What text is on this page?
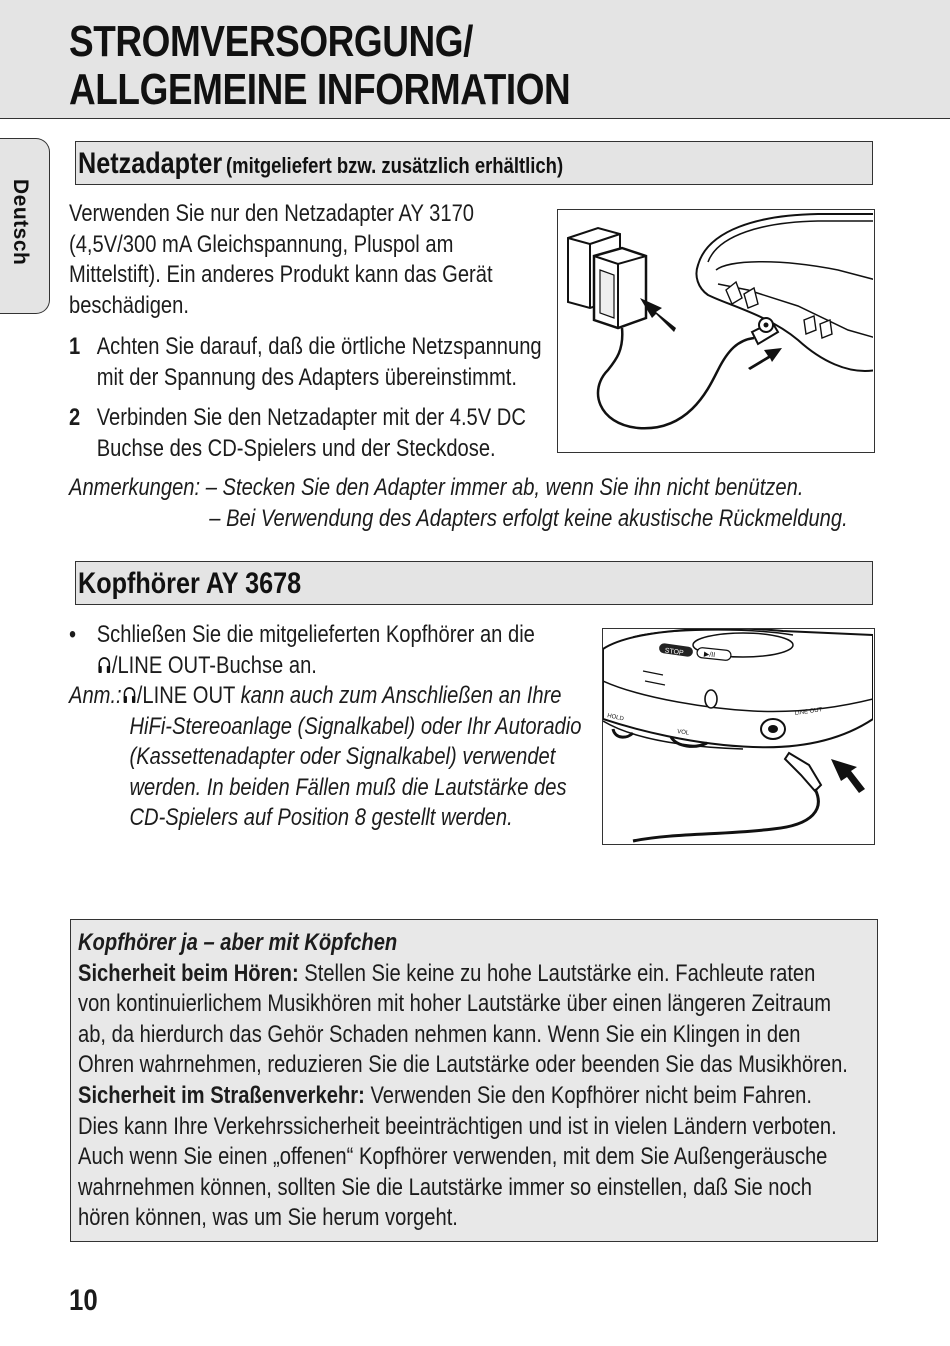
STROMVERSORGUNG/
ALLGEMEINE INFORMATION
Deutsch
Netzadapter (mitgeliefert bzw. zusätzlich erhältlich)
Verwenden Sie nur den Netzadapter AY 3170
(4,5V/300 mA Gleichspannung, Pluspol am
Mittelstift). Ein anderes Produkt kann das Gerät
beschädigen.
1 Achten Sie darauf, daß die örtliche Netzspannung
mit der Spannung des Adapters übereinstimmt.
2 Verbinden Sie den Netzadapter mit der 4.5V DC
Buchse des CD-Spielers und der Steckdose.
Anmerkungen: – Stecken Sie den Adapter immer ab, wenn Sie ihn nicht benützen.
– Bei Verwendung des Adapters erfolgt keine akustische Rückmeldung.
Kopfhörer AY 3678
• Schließen Sie die mitgelieferten Kopfhörer an die
/LINE OUT-Buchse an.
Anm.: /LINE OUT kann auch zum Anschließen an Ihre
HiFi-Stereoanlage (Signalkabel) oder Ihr Autoradio
(Kassettenadapter oder Signalkabel) verwendet
werden. In beiden Fällen muß die Lautstärke des
CD-Spielers auf Position 8 gestellt werden.
STOP	▶/II
HOLD
VOL
LINE OUT
Kopfhörer ja – aber mit Köpfchen
Sicherheit beim Hören: Stellen Sie keine zu hohe Lautstärke ein. Fachleute raten
von kontinuierlichem Musikhören mit hoher Lautstärke über einen längeren Zeitraum
ab, da hierdurch das Gehör Schaden nehmen kann. Wenn Sie ein Klingen in den
Ohren wahrnehmen, reduzieren Sie die Lautstärke oder beenden Sie das Musikhören.
Sicherheit im Straßenverkehr: Verwenden Sie den Kopfhörer nicht beim Fahren.
Dies kann Ihre Verkehrssicherheit beeinträchtigen und ist in vielen Ländern verboten.
Auch wenn Sie einen „offenen“ Kopfhörer verwenden, mit dem Sie Außengeräusche
wahrnehmen können, sollten Sie die Lautstärke immer so einstellen, daß Sie noch
hören können, was um Sie herum vorgeht.
10
